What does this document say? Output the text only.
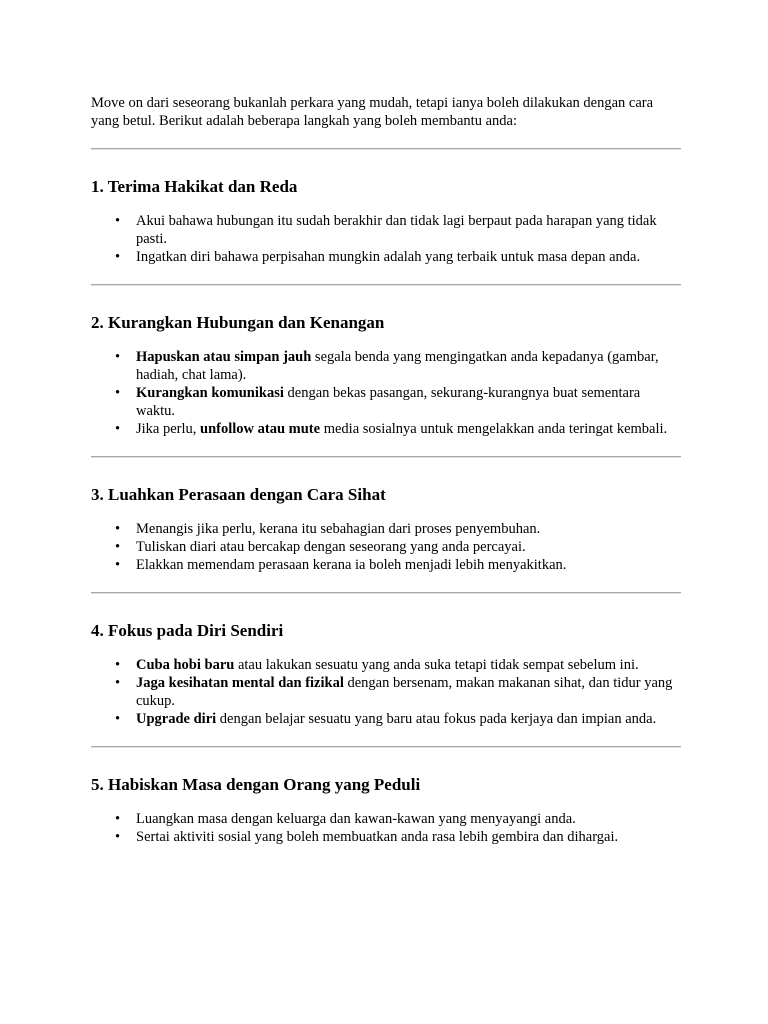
Move on dari seseorang bukanlah perkara yang mudah, tetapi ianya boleh dilakukan dengan cara yang betul. Berikut adalah beberapa langkah yang boleh membantu anda:

1. Terima Hakikat dan Reda
• Akui bahawa hubungan itu sudah berakhir dan tidak lagi berpaut pada harapan yang tidak pasti.
• Ingatkan diri bahawa perpisahan mungkin adalah yang terbaik untuk masa depan anda.
2. Kurangkan Hubungan dan Kenangan
• Hapuskan atau simpan jauh segala benda yang mengingatkan anda kepadanya (gambar, hadiah, chat lama).
• Kurangkan komunikasi dengan bekas pasangan, sekurang-kurangnya buat sementara waktu.
• Jika perlu, unfollow atau mute media sosialnya untuk mengelakkan anda teringat kembali.
3. Luahkan Perasaan dengan Cara Sihat
• Menangis jika perlu, kerana itu sebahagian dari proses penyembuhan.
• Tuliskan diari atau bercakap dengan seseorang yang anda percayai.
• Elakkan memendam perasaan kerana ia boleh menjadi lebih menyakitkan.
4. Fokus pada Diri Sendiri
• Cuba hobi baru atau lakukan sesuatu yang anda suka tetapi tidak sempat sebelum ini.
• Jaga kesihatan mental dan fizikal dengan bersenam, makan makanan sihat, dan tidur yang cukup.
• Upgrade diri dengan belajar sesuatu yang baru atau fokus pada kerjaya dan impian anda.
5. Habiskan Masa dengan Orang yang Peduli
• Luangkan masa dengan keluarga dan kawan-kawan yang menyayangi anda.
• Sertai aktiviti sosial yang boleh membuatkan anda rasa lebih gembira dan dihargai.
